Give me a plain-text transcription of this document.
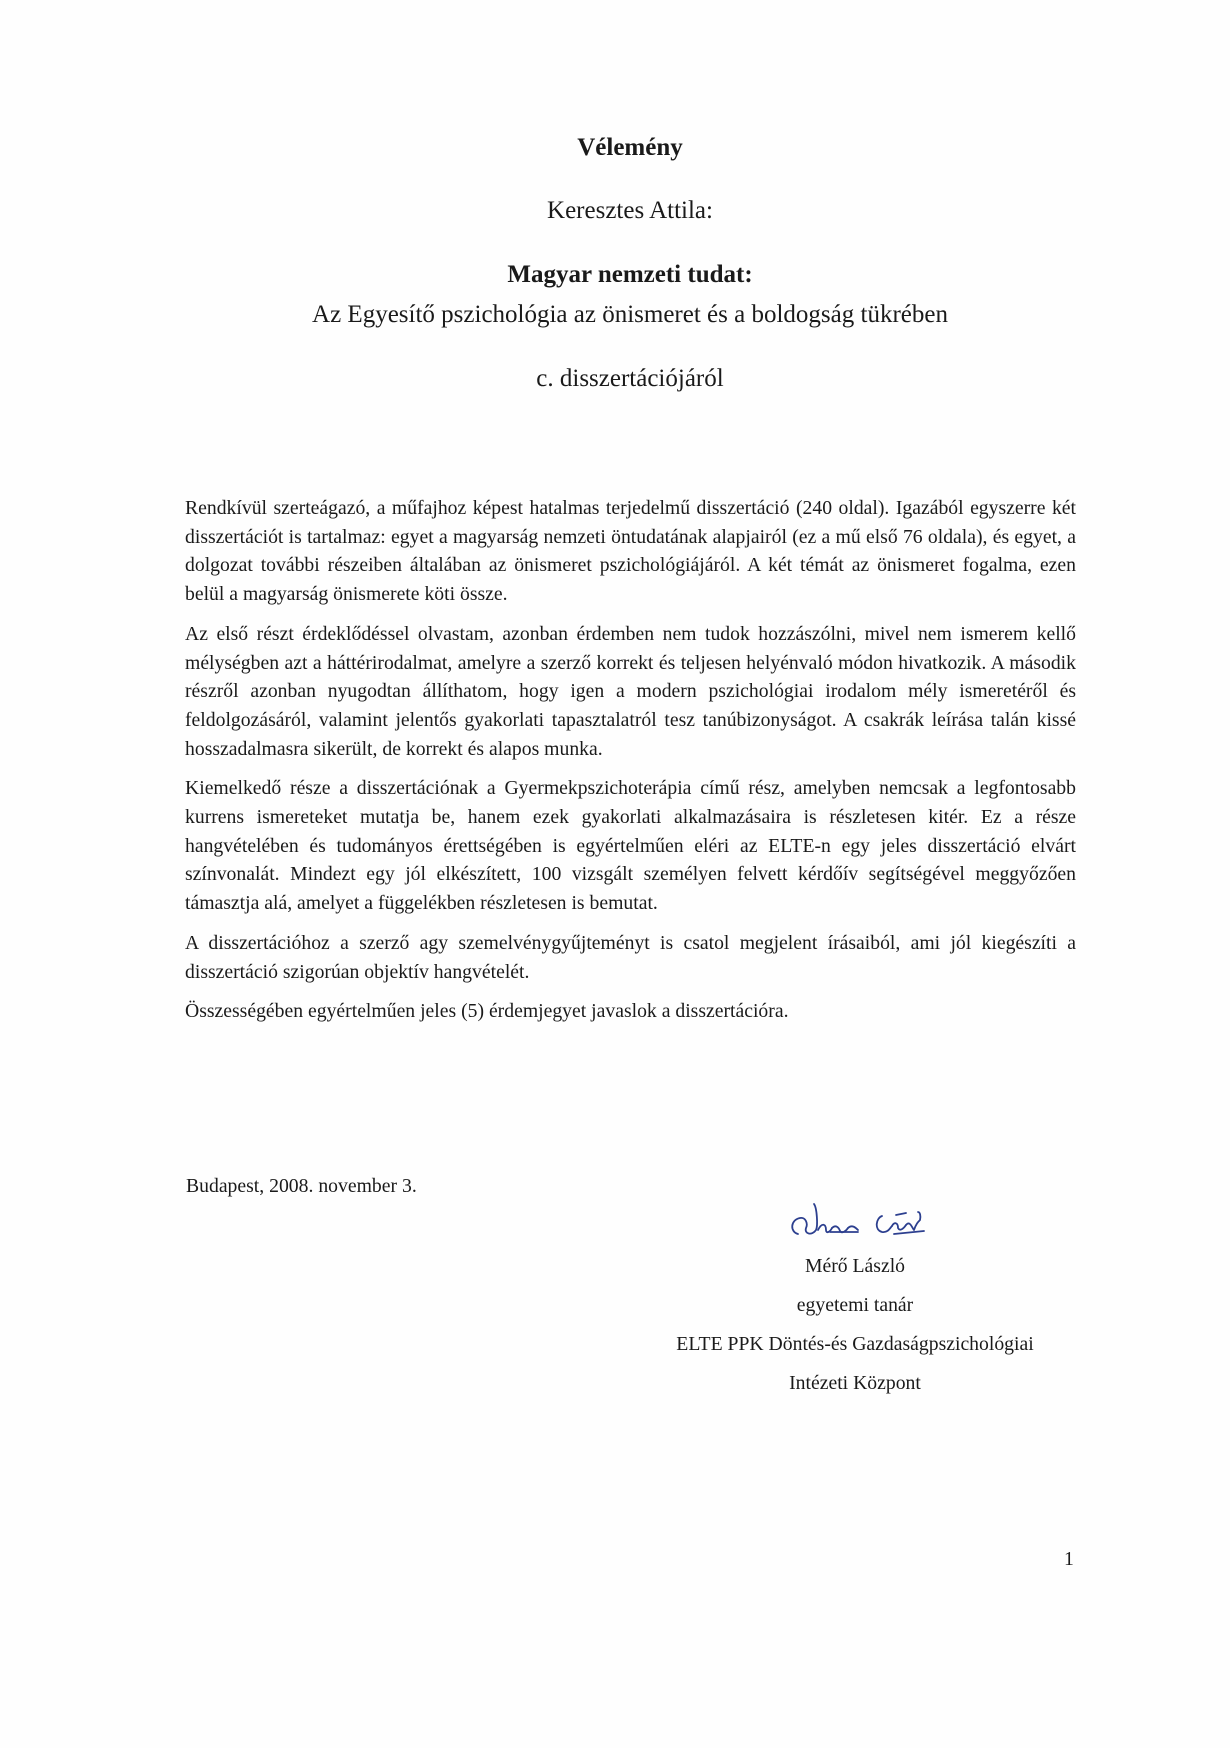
Vélemény
Keresztes Attila:
Magyar nemzeti tudat:
Az Egyesítő pszichológia az önismeret és a boldogság tükrében
c. disszertációjáról

Rendkívül szerteágazó, a műfajhoz képest hatalmas terjedelmű disszertáció (240 oldal). Igazából egyszerre két disszertációt is tartalmaz: egyet a magyarság nemzeti öntudatának alapjairól (ez a mű első 76 oldala), és egyet, a dolgozat további részeiben általában az önismeret pszichológiájáról. A két témát az önismeret fogalma, ezen belül a magyarság önismerete köti össze.

Az első részt érdeklődéssel olvastam, azonban érdemben nem tudok hozzászólni, mivel nem ismerem kellő mélységben azt a háttérirodalmat, amelyre a szerző korrekt és teljesen helyénvaló módon hivatkozik. A második részről azonban nyugodtan állíthatom, hogy igen a modern pszichológiai irodalom mély ismeretéről és feldolgozásáról, valamint jelentős gyakorlati tapasztalatról tesz tanúbizonyságot. A csakrák leírása talán kissé hosszadalmasra sikerült, de korrekt és alapos munka.

Kiemelkedő része a disszertációnak a Gyermekpszichoterápia című rész, amelyben nemcsak a legfontosabb kurrens ismereteket mutatja be, hanem ezek gyakorlati alkalmazásaira is részletesen kitér. Ez a része hangvételében és tudományos érettségében is egyértelműen eléri az ELTE-n egy jeles disszertáció elvárt színvonalát. Mindezt egy jól elkészített, 100 vizsgált személyen felvett kérdőív segítségével meggyőzően támasztja alá, amelyet a függelékben részletesen is bemutat.

A disszertációhoz a szerző agy szemelvénygyűjteményt is csatol megjelent írásaiból, ami jól kiegészíti a disszertáció szigorúan objektív hangvételét.

Összességében egyértelműen jeles (5) érdemjegyet javaslok a disszertációra.

Budapest, 2008. november 3.
Mérő László
egyetemi tanár
ELTE PPK Döntés-és Gazdaságpszichológiai
Intézeti Központ
1
